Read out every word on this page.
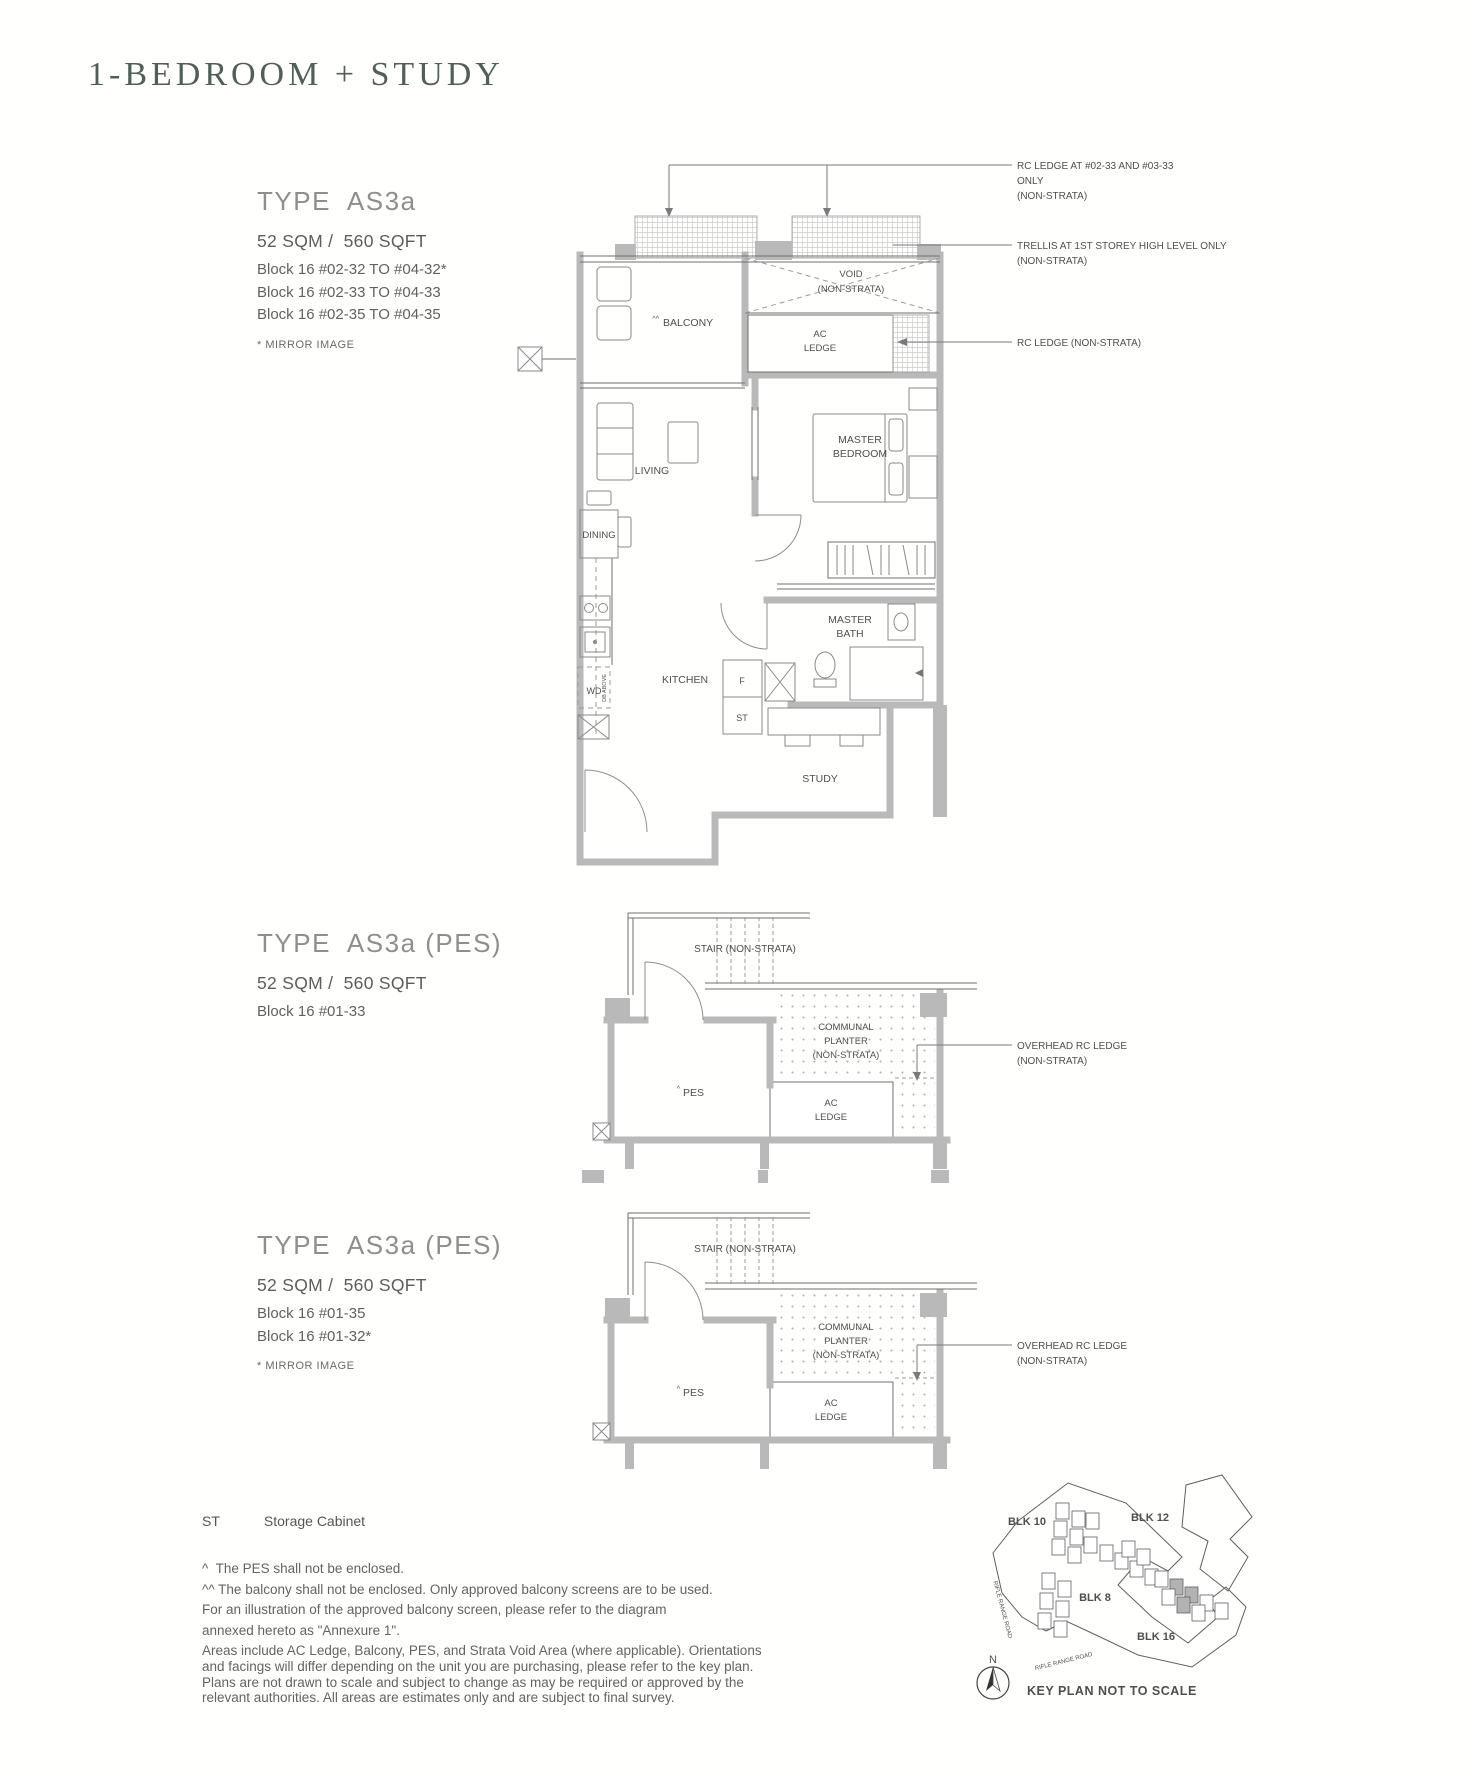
1-BEDROOM + STUDY
TYPE  AS3a
52 SQM /  560 SQFT
Block 16 #02-32 TO #04-32*
Block 16 #02-33 TO #04-33
Block 16 #02-35 TO #04-35
* MIRROR IMAGE
TYPE  AS3a (PES)
52 SQM /  560 SQFT
Block 16 #01-33
TYPE  AS3a (PES)
52 SQM /  560 SQFT
Block 16 #01-35
Block 16 #01-32*
* MIRROR IMAGE
^^ BALCONY
VOID
(NON-STRATA)
AC
LEDGE
LIVING
MASTER
BEDROOM
DINING
KITCHEN
MASTER
BATH
STUDY
F
ST
WD DB ABOVE
RC LEDGE AT #02-33 AND #03-33
ONLY
(NON-STRATA)
TRELLIS AT 1ST STOREY HIGH LEVEL ONLY
(NON-STRATA)
RC LEDGE (NON-STRATA)
STAIR (NON-STRATA)
^ PES
COMMUNAL
PLANTER
(NON-STRATA)
AC
LEDGE
OVERHEAD RC LEDGE
(NON-STRATA)
STAIR (NON-STRATA)
^ PES
COMMUNAL
PLANTER
(NON-STRATA)
AC
LEDGE
OVERHEAD RC LEDGE
(NON-STRATA)
BLK 10	BLK 12
BLK 8
BLK 16
RIFLE RANGE ROAD
RIFLE RANGE ROAD
N
KEY PLAN NOT TO SCALE
ST	Storage Cabinet
^  The PES shall not be enclosed.
^^ The balcony shall not be enclosed. Only approved balcony screens are to be used.
For an illustration of the approved balcony screen, please refer to the diagram
annexed hereto as "Annexure 1".
Areas include AC Ledge, Balcony, PES, and Strata Void Area (where applicable). Orientations
and facings will differ depending on the unit you are purchasing, please refer to the key plan.
Plans are not drawn to scale and subject to change as may be required or approved by the
relevant authorities. All areas are estimates only and are subject to final survey.
